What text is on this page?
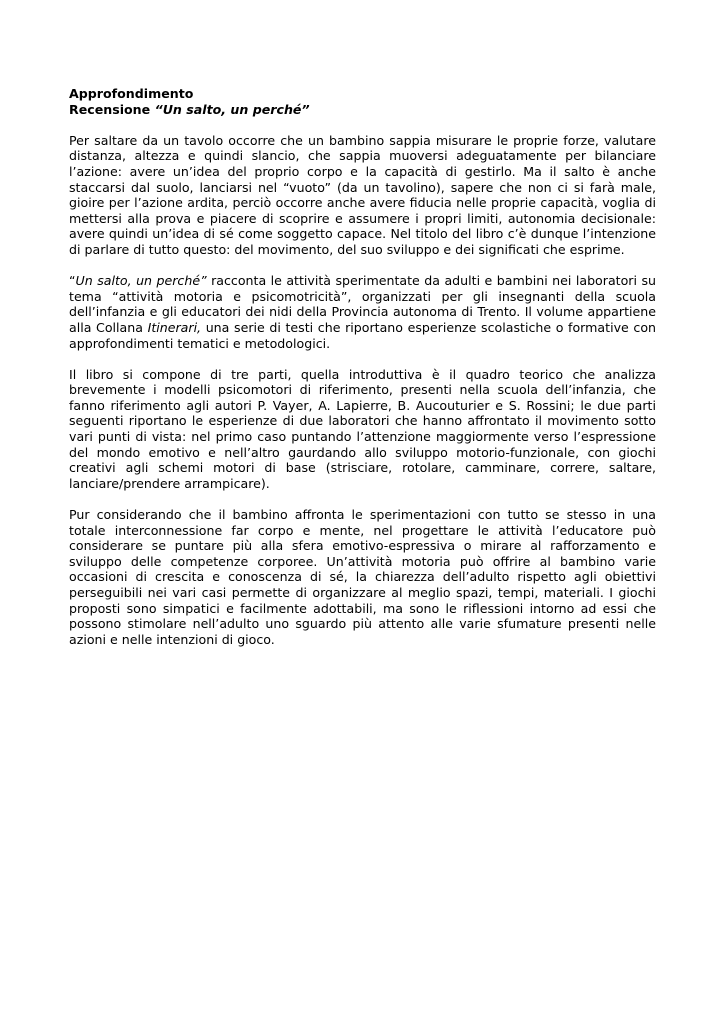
Approfondimento
Recensione “Un salto, un perché”

Per saltare da un tavolo occorre che un bambino sappia misurare le proprie forze, valutare distanza, altezza e quindi slancio, che sappia muoversi adeguatamente per bilanciare l’azione: avere un’idea del proprio corpo e la capacità di gestirlo. Ma il salto è anche staccarsi dal suolo, lanciarsi nel “vuoto” (da un tavolino), sapere che non ci si farà male, gioire per l’azione ardita, perciò occorre anche avere fiducia nelle proprie capacità, voglia di mettersi alla prova e piacere di scoprire e assumere i propri limiti, autonomia decisionale: avere quindi un’idea di sé come soggetto capace. Nel titolo del libro c’è dunque l’intenzione di parlare di tutto questo: del movimento, del suo sviluppo e dei significati che esprime.

“Un salto, un perché” racconta le attività sperimentate da adulti e bambini nei laboratori su tema “attività motoria e psicomotricità”, organizzati per gli insegnanti della scuola dell’infanzia e gli educatori dei nidi della Provincia autonoma di Trento. Il volume appartiene alla Collana Itinerari, una serie di testi che riportano esperienze scolastiche o formative con approfondimenti tematici e metodologici.

Il libro si compone di tre parti, quella introduttiva è il quadro teorico che analizza brevemente i modelli psicomotori di riferimento, presenti nella scuola dell’infanzia, che fanno riferimento agli autori P. Vayer, A. Lapierre, B. Aucouturier e S. Rossini; le due parti seguenti riportano le esperienze di due laboratori che hanno affrontato il movimento sotto vari punti di vista: nel primo caso puntando l’attenzione maggiormente verso l’espressione del mondo emotivo e nell’altro gaurdando allo sviluppo motorio-funzionale, con giochi creativi agli schemi motori di base (strisciare, rotolare, camminare, correre, saltare, lanciare/prendere arrampicare).

Pur considerando che il bambino affronta le sperimentazioni con tutto se stesso in una totale interconnessione far corpo e mente, nel progettare le attività l’educatore può considerare se puntare più alla sfera emotivo-espressiva o mirare al rafforzamento e sviluppo delle competenze corporee. Un’attività motoria può offrire al bambino varie occasioni di crescita e conoscenza di sé, la chiarezza dell’adulto rispetto agli obiettivi perseguibili nei vari casi permette di organizzare al meglio spazi, tempi, materiali. I giochi proposti sono simpatici e facilmente adottabili, ma sono le riflessioni intorno ad essi che possono stimolare nell’adulto uno sguardo più attento alle varie sfumature presenti nelle azioni e nelle intenzioni di gioco.
